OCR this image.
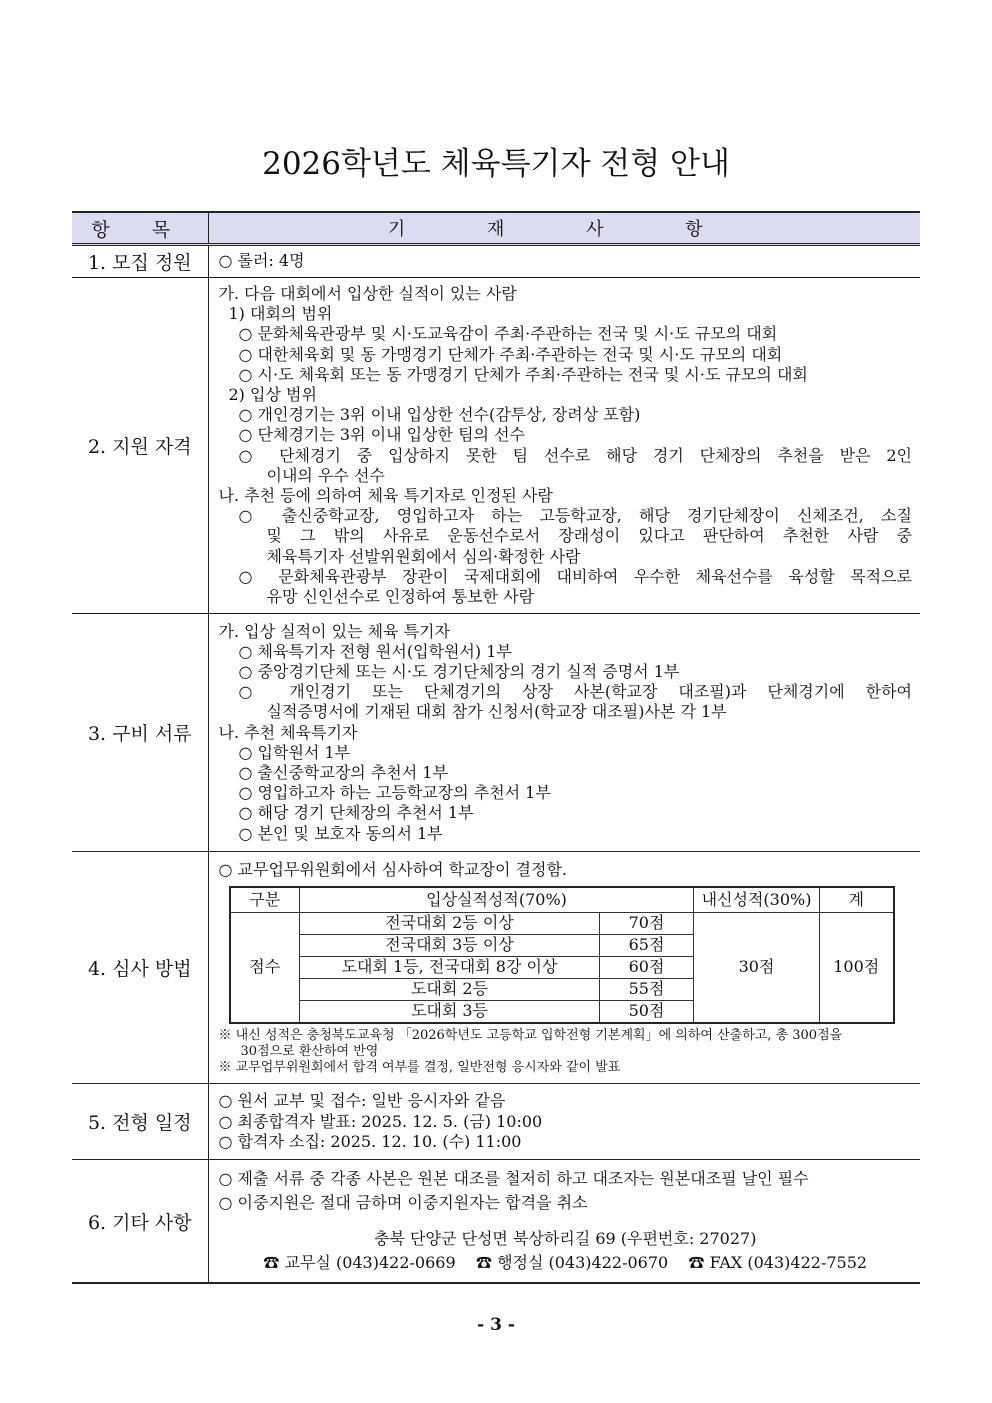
2026학년도 체육특기자 전형 안내
항 목	기 재 사 항
1. 모집 정원	○ 롤러: 4명

2. 지원 자격	
가. 다음 대회에서 입상한 실적이 있는 사람
1) 대회의 범위
○ 문화체육관광부 및 시·도교육감이 주최·주관하는 전국 및 시·도 규모의 대회
○ 대한체육회 및 동 가맹경기 단체가 주최·주관하는 전국 및 시·도 규모의 대회
○ 시·도 체육회 또는 동 가맹경기 단체가 주최·주관하는 전국 및 시·도 규모의 대회
2) 입상 범위
○ 개인경기는 3위 이내 입상한 선수(감투상, 장려상 포함)
○ 단체경기는 3위 이내 입상한 팀의 선수
○ 단체경기 중 입상하지 못한 팀 선수로 해당 경기 단체장의 추천을 받은 2인
이내의 우수 선수
나. 추천 등에 의하여 체육 특기자로 인정된 사람
○ 출신중학교장, 영입하고자 하는 고등학교장, 해당 경기단체장이 신체조건, 소질
및 그 밖의 사유로 운동선수로서 장래성이 있다고 판단하여 추천한 사람 중
체육특기자 선발위원회에서 심의·확정한 사람
○ 문화체육관광부 장관이 국제대회에 대비하여 우수한 체육선수를 육성할 목적으로
유망 신인선수로 인정하여 통보한 사람

3. 구비 서류	
가. 입상 실적이 있는 체육 특기자
○ 체육특기자 전형 원서(입학원서) 1부
○ 중앙경기단체 또는 시·도 경기단체장의 경기 실적 증명서 1부
○ 개인경기 또는 단체경기의 상장 사본(학교장 대조필)과 단체경기에 한하여
실적증명서에 기재된 대회 참가 신청서(학교장 대조필)사본 각 1부
나. 추천 체육특기자
○ 입학원서 1부
○ 출신중학교장의 추천서 1부
○ 영입하고자 하는 고등학교장의 추천서 1부
○ 해당 경기 단체장의 추천서 1부
○ 본인 및 보호자 동의서 1부

4. 심사 방법	
○ 교무업무위원회에서 심사하여 학교장이 결정함.
구분	입상실적성적(70%)	내신성적(30%)	계
점수	전국대회 2등 이상	70점	30점	100점
전국대회 3등 이상	65점
도대회 1등, 전국대회 8강 이상	60점
도대회 2등	55점
도대회 3등	50점
※ 내신 성적은 충청북도교육청 「2026학년도 고등학교 입학전형 기본계획」에 의하여 산출하고, 총 300점을
30점으로 환산하여 반영
※ 교무업무위원회에서 합격 여부를 결정, 일반전형 응시자와 같이 발표

5. 전형 일정	
○ 원서 교부 및 접수: 일반 응시자와 같음
○ 최종합격자 발표: 2025. 12. 5. (금) 10:00
○ 합격자 소집: 2025. 12. 10. (수) 11:00

6. 기타 사항	
○ 제출 서류 중 각종 사본은 원본 대조를 철저히 하고 대조자는 원본대조필 날인 필수
○ 이중지원은 절대 금하며 이중지원자는 합격을 취소
충북 단양군 단성면 북상하리길 69 (우편번호: 27027)
☎ 교무실 (043)422-0669    ☎ 행정실 (043)422-0670    ☎ FAX (043)422-7552
- 3 -
